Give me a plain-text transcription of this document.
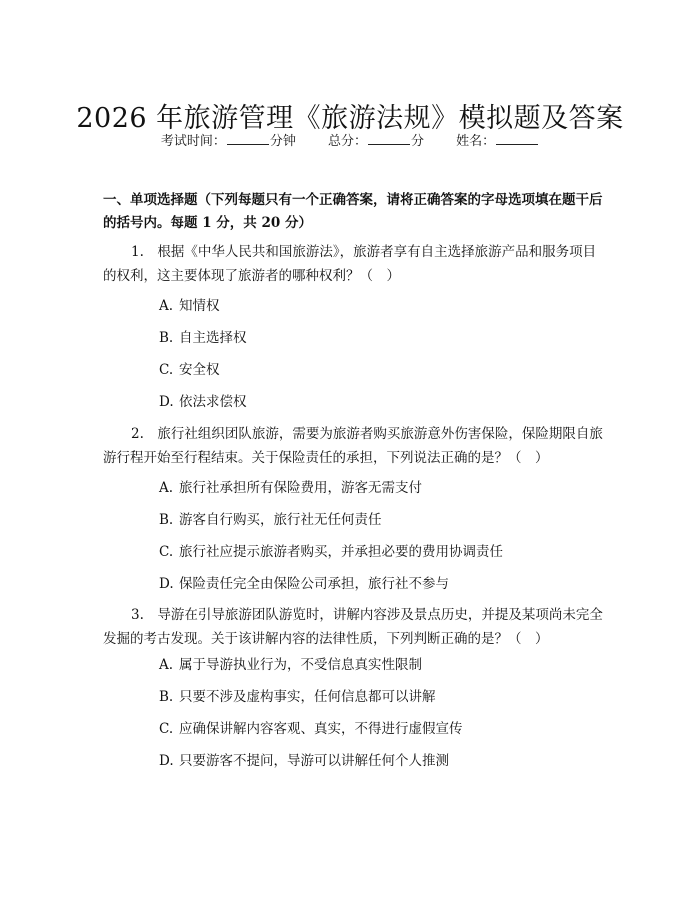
2026 年旅游管理《旅游法规》模拟题及答案
考试时间：	分钟 总分：	分 姓名：
一、单项选择题（下列每题只有一个正确答案，请将正确答案的字母选项填在题干后的括号内。每题 1 分，共 20 分）
1.　根据《中华人民共和国旅游法》，旅游者享有自主选择旅游产品和服务项目的权利，这主要体现了旅游者的哪种权利？（　）
A. 知情权
B. 自主选择权
C. 安全权
D. 依法求偿权
2.　旅行社组织团队旅游，需要为旅游者购买旅游意外伤害保险，保险期限自旅游行程开始至行程结束。关于保险责任的承担，下列说法正确的是？（　）
A. 旅行社承担所有保险费用，游客无需支付
B. 游客自行购买，旅行社无任何责任
C. 旅行社应提示旅游者购买，并承担必要的费用协调责任
D. 保险责任完全由保险公司承担，旅行社不参与
3.　导游在引导旅游团队游览时，讲解内容涉及景点历史，并提及某项尚未完全发掘的考古发现。关于该讲解内容的法律性质，下列判断正确的是？（　）
A. 属于导游执业行为，不受信息真实性限制
B. 只要不涉及虚构事实，任何信息都可以讲解
C. 应确保讲解内容客观、真实，不得进行虚假宣传
D. 只要游客不提问，导游可以讲解任何个人推测
